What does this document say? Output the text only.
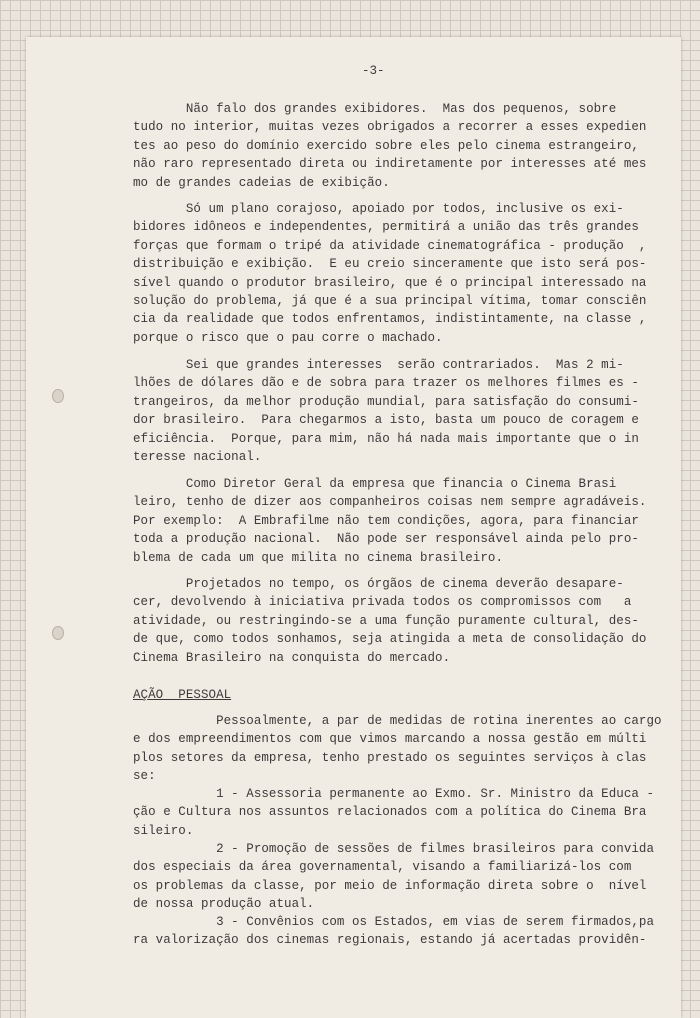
-3-
Não falo dos grandes exibidores.  Mas dos pequenos, sobre
tudo no interior, muitas vezes obrigados a recorrer a esses expedien
tes ao peso do domínio exercido sobre eles pelo cinema estrangeiro,
não raro representado direta ou indiretamente por interesses até mes
mo de grandes cadeias de exibição.
Só um plano corajoso, apoiado por todos, inclusive os exi-
bidores idôneos e independentes, permitirá a união das três grandes
forças que formam o tripé da atividade cinematográfica - produção  ,
distribuição e exibição.  E eu creio sinceramente que isto será pos-
sível quando o produtor brasileiro, que é o principal interessado na
solução do problema, já que é a sua principal vítima, tomar consciên
cia da realidade que todos enfrentamos, indistintamente, na classe ,
porque o risco que o pau corre o machado.
Sei que grandes interesses  serão contrariados.  Mas 2 mi-
lhões de dólares dão e de sobra para trazer os melhores filmes es -
trangeiros, da melhor produção mundial, para satisfação do consumi-
dor brasileiro.  Para chegarmos a isto, basta um pouco de coragem e
eficiência.  Porque, para mim, não há nada mais importante que o in
teresse nacional.
Como Diretor Geral da empresa que financia o Cinema Brasi
leiro, tenho de dizer aos companheiros coisas nem sempre agradáveis.
Por exemplo:  A Embrafilme não tem condições, agora, para financiar
toda a produção nacional.  Não pode ser responsável ainda pelo pro-
blema de cada um que milita no cinema brasileiro.
Projetados no tempo, os órgãos de cinema deverão desapare-
cer, devolvendo à iniciativa privada todos os compromissos com   a
atividade, ou restringindo-se a uma função puramente cultural, des-
de que, como todos sonhamos, seja atingida a meta de consolidação do
Cinema Brasileiro na conquista do mercado.
AÇÃO  PESSOAL
Pessoalmente, a par de medidas de rotina inerentes ao cargo
e dos empreendimentos com que vimos marcando a nossa gestão em múlti
plos setores da empresa, tenho prestado os seguintes serviços à clas
se:
1 - Assessoria permanente ao Exmo. Sr. Ministro da Educa -
ção e Cultura nos assuntos relacionados com a política do Cinema Bra
sileiro.
2 - Promoção de sessões de filmes brasileiros para convida
dos especiais da área governamental, visando a familiarizá-los com
os problemas da classe, por meio de informação direta sobre o  nível
de nossa produção atual.
3 - Convênios com os Estados, em vias de serem firmados,pa
ra valorização dos cinemas regionais, estando já acertadas providên-
